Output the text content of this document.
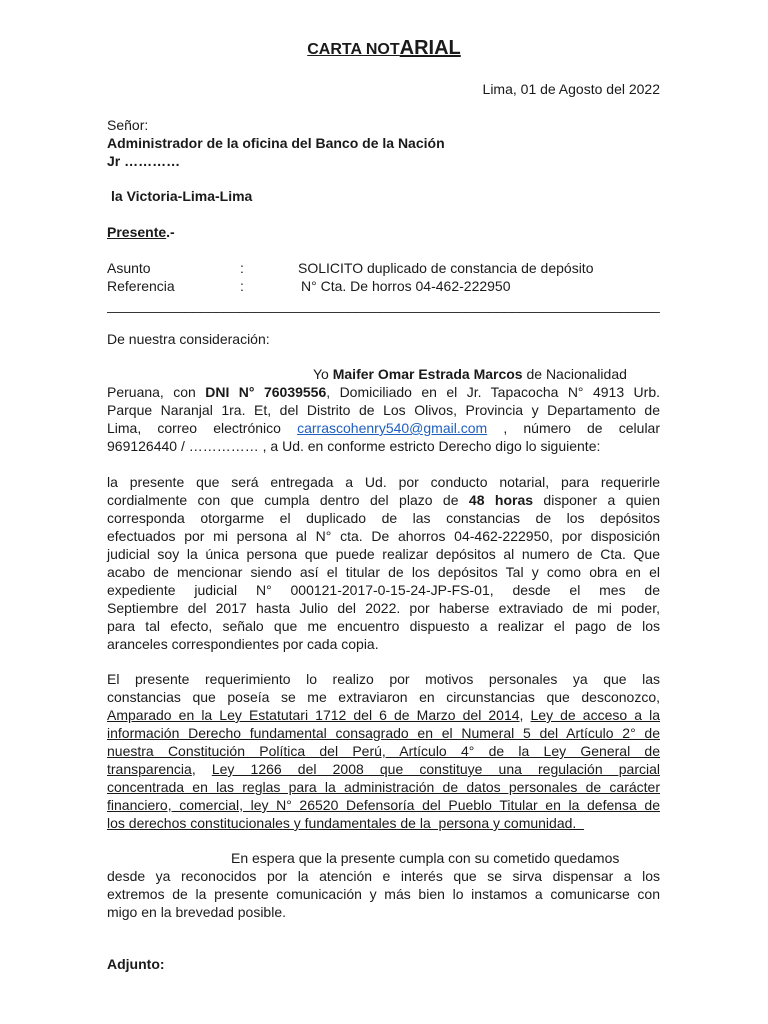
CARTA NOTARIAL
Lima, 01 de Agosto del 2022
Señor:
Administrador de la oficina del Banco de la Nación
Jr …………
la Victoria-Lima-Lima
Presente.-
Asunto	:	SOLICITO duplicado de constancia de depósito
Referencia	:	N° Cta. De horros 04-462-222950
_______________________________________________________________________
De nuestra consideración:
Yo Maifer Omar Estrada Marcos de Nacionalidad
Peruana, con DNI N° 76039556, Domiciliado en el Jr. Tapacocha N° 4913 Urb.
Parque Naranjal 1ra. Et, del Distrito de Los Olivos, Provincia y Departamento de
Lima, correo electrónico carrascohenry540@gmail.com , número de celular
969126440 / …………… , a Ud. en conforme estricto Derecho digo lo siguiente:
la presente que será entregada a Ud. por conducto notarial, para requerirle
cordialmente con que cumpla dentro del plazo de 48 horas disponer a quien
corresponda otorgarme el duplicado de las constancias de los depósitos
efectuados por mi persona al N° cta. De ahorros 04-462-222950, por disposición
judicial soy la única persona que puede realizar depósitos al numero de Cta. Que
acabo de mencionar siendo así el titular de los depósitos Tal y como obra en el
expediente judicial N° 000121-2017-0-15-24-JP-FS-01, desde el mes de
Septiembre del 2017 hasta Julio del 2022. por haberse extraviado de mi poder,
para tal efecto, señalo que me encuentro dispuesto a realizar el pago de los
aranceles correspondientes por cada copia.
El presente requerimiento lo realizo por motivos personales ya que las
constancias que poseía se me extraviaron en circunstancias que desconozco,
Amparado en la Ley Estatutari 1712 del 6 de Marzo del 2014, Ley de acceso a la
información Derecho fundamental consagrado en el Numeral 5 del Artículo 2° de
nuestra Constitución Política del Perú, Artículo 4° de la Ley General de
transparencia, Ley 1266 del 2008 que constituye una regulación parcial
concentrada en las reglas para la administración de datos personales de carácter
financiero, comercial, ley N° 26520 Defensoría del Pueblo Titular en la defensa de
los derechos constitucionales y fundamentales de la  persona y comunidad.
En espera que la presente cumpla con su cometido quedamos
desde ya reconocidos por la atención e interés que se sirva dispensar a los
extremos de la presente comunicación y más bien lo instamos a comunicarse con
migo en la brevedad posible.
Adjunto:
